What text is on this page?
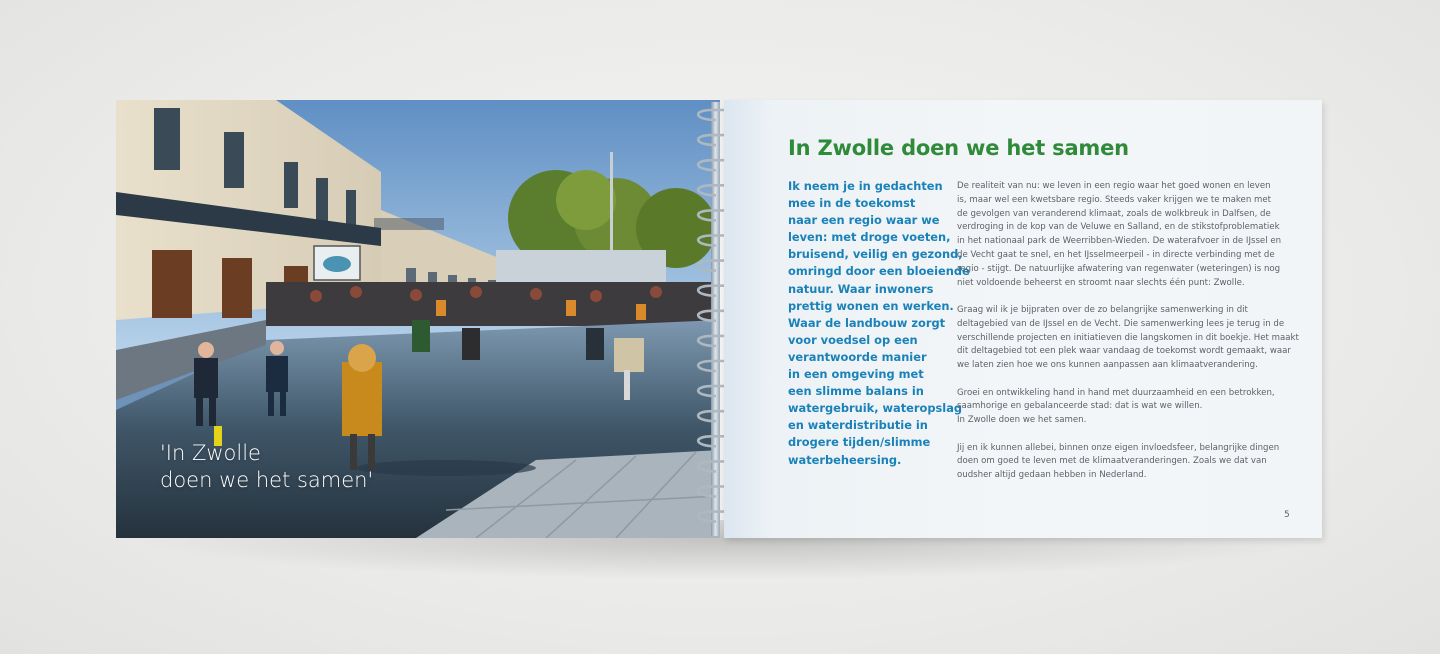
'In Zwolle
doen we het samen'
In Zwolle doen we het samen
Ik neem je in gedachten
mee in de toekomst
naar een regio waar we
leven: met droge voeten,
bruisend, veilig en gezond,
omringd door een bloeiende
natuur. Waar inwoners
prettig wonen en werken.
Waar de landbouw zorgt
voor voedsel op een
verantwoorde manier
in een omgeving met
een slimme balans in
watergebruik, wateropslag
en waterdistributie in
drogere tijden/slimme
waterbeheersing.

De realiteit van nu: we leven in een regio waar het goed wonen en leven
is, maar wel een kwetsbare regio. Steeds vaker krijgen we te maken met
de gevolgen van veranderend klimaat, zoals de wolkbreuk in Dalfsen, de
verdroging in de kop van de Veluwe en Salland, en de stikstofproblematiek
in het nationaal park de Weerribben-Wieden. De waterafvoer in de IJssel en
de Vecht gaat te snel, en het IJsselmeerpeil - in directe verbinding met de
regio - stijgt. De natuurlijke afwatering van regenwater (weteringen) is nog
niet voldoende beheerst en stroomt naar slechts één punt: Zwolle.

Graag wil ik je bijpraten over de zo belangrijke samenwerking in dit
deltagebied van de IJssel en de Vecht. Die samenwerking lees je terug in de
verschillende projecten en initiatieven die langskomen in dit boekje. Het maakt
dit deltagebied tot een plek waar vandaag de toekomst wordt gemaakt, waar
we laten zien hoe we ons kunnen aanpassen aan klimaatverandering.

Groei en ontwikkeling hand in hand met duurzaamheid en een betrokken,
saamhorige en gebalanceerde stad: dat is wat we willen.
In Zwolle doen we het samen.

Jij en ik kunnen allebei, binnen onze eigen invloedsfeer, belangrijke dingen
doen om goed te leven met de klimaatveranderingen. Zoals we dat van
oudsher altijd gedaan hebben in Nederland.

5
